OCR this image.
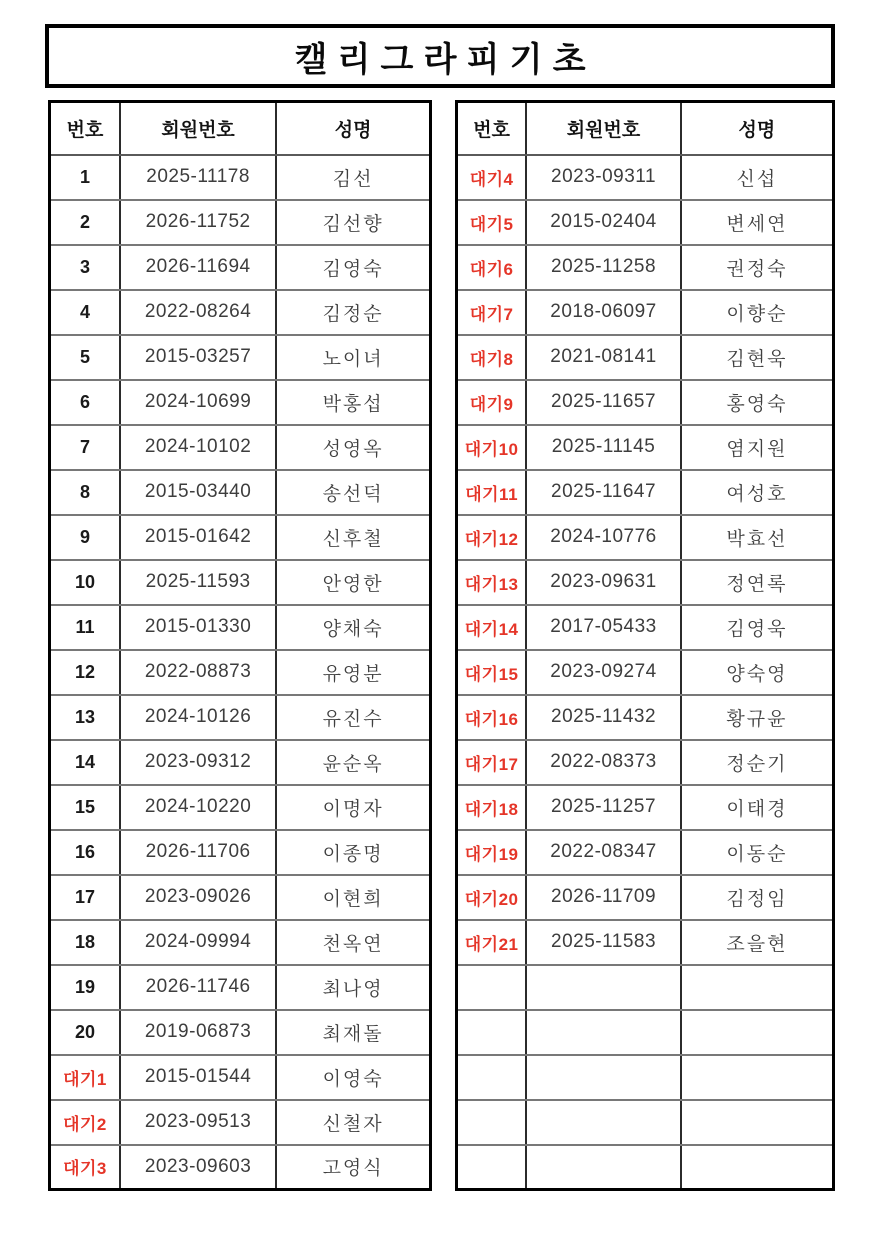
캘리그라피기초
번호	회원번호	성명
1	2025-11178	김선
2	2026-11752	김선향
3	2026-11694	김영숙
4	2022-08264	김정순
5	2015-03257	노이녀
6	2024-10699	박홍섭
7	2024-10102	성영옥
8	2015-03440	송선덕
9	2015-01642	신후철
10	2025-11593	안영한
11	2015-01330	양채숙
12	2022-08873	유영분
13	2024-10126	유진수
14	2023-09312	윤순옥
15	2024-10220	이명자
16	2026-11706	이종명
17	2023-09026	이현희
18	2024-09994	천옥연
19	2026-11746	최나영
20	2019-06873	최재돌
대기1	2015-01544	이영숙
대기2	2023-09513	신철자
대기3	2023-09603	고영식
번호	회원번호	성명
대기4	2023-09311	신섭
대기5	2015-02404	변세연
대기6	2025-11258	권정숙
대기7	2018-06097	이향순
대기8	2021-08141	김현욱
대기9	2025-11657	홍영숙
대기10	2025-11145	염지원
대기11	2025-11647	여성호
대기12	2024-10776	박효선
대기13	2023-09631	정연록
대기14	2017-05433	김영욱
대기15	2023-09274	양숙영
대기16	2025-11432	황규윤
대기17	2022-08373	정순기
대기18	2025-11257	이태경
대기19	2022-08347	이동순
대기20	2026-11709	김정임
대기21	2025-11583	조을현
